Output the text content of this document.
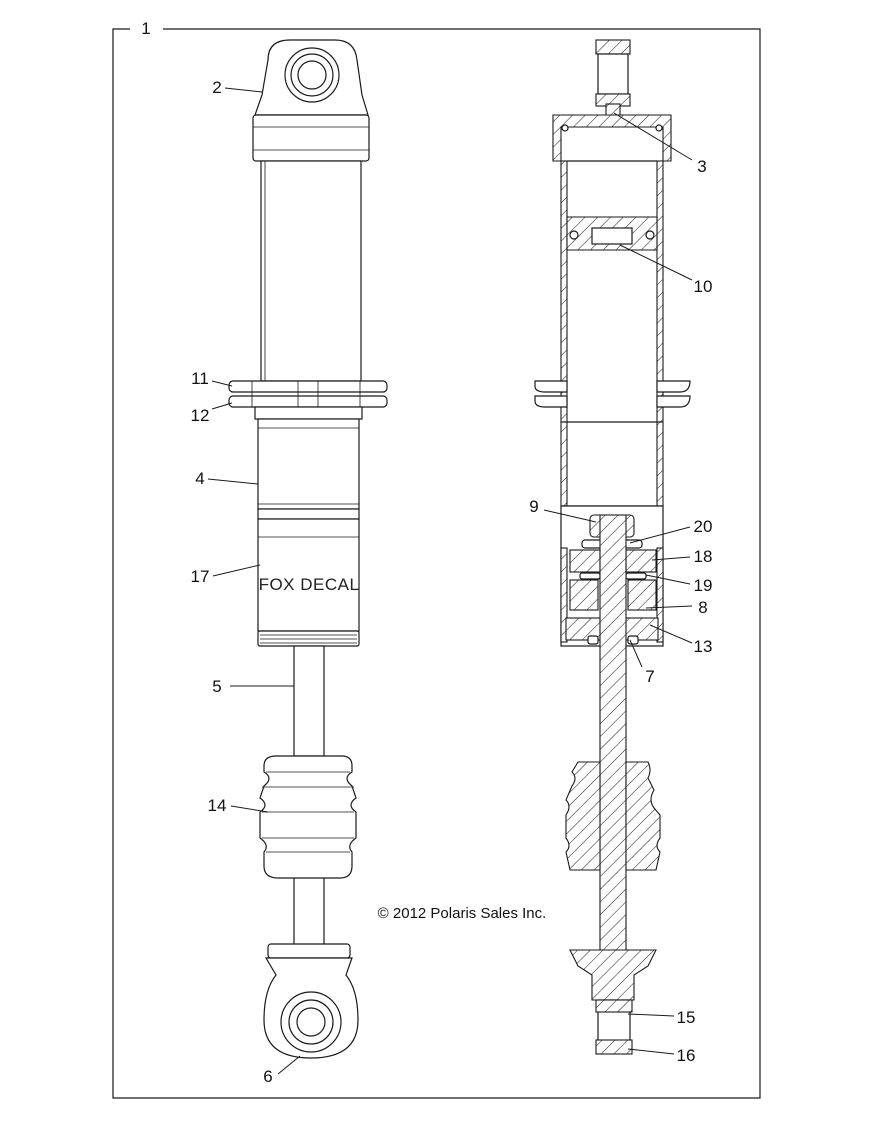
FOX DECAL
1
2
3
10
11
12
4
9
20
18
17	19
8
13
7
5
14
15
16
6
© 2012 Polaris Sales Inc.
